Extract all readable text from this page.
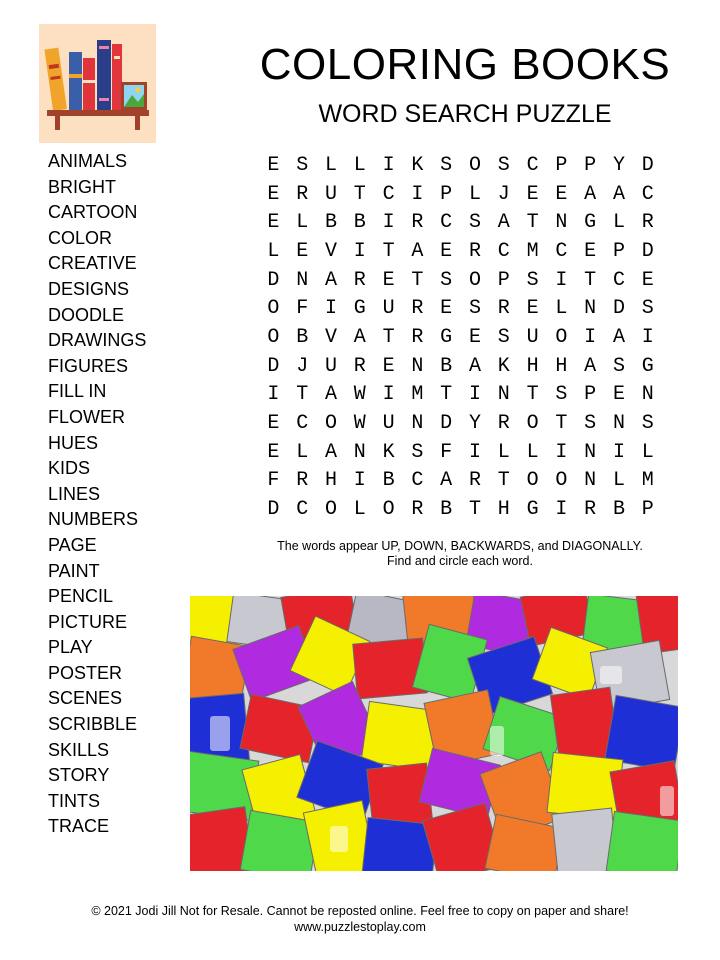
COLORING BOOKS
WORD SEARCH PUZZLE
ANIMALS
BRIGHT
CARTOON
COLOR
CREATIVE
DESIGNS
DOODLE
DRAWINGS
FIGURES
FILL IN
FLOWER
HUES
KIDS
LINES
NUMBERS
PAGE
PAINT
PENCIL
PICTURE
PLAY
POSTER
SCENES
SCRIBBLE
SKILLS
STORY
TINTS
TRACE
E	S	L	L	I	K	S	O	S	C	P	P	Y	D
E	R	U	T	C	I	P	L	J	E	E	A	A	C
E	L	B	B	I	R	C	S	A	T	N	G	L	R
L	E	V	I	T	A	E	R	C	M	C	E	P	D
D	N	A	R	E	T	S	O	P	S	I	T	C	E
O	F	I	G	U	R	E	S	R	E	L	N	D	S
O	B	V	A	T	R	G	E	S	U	O	I	A	I
D	J	U	R	E	N	B	A	K	H	H	A	S	G
I	T	A	W	I	M	T	I	N	T	S	P	E	N
E	C	O	W	U	N	D	Y	R	O	T	S	N	S
E	L	A	N	K	S	F	I	L	L	I	N	I	L
F	R	H	I	B	C	A	R	T	O	O	N	L	M
D	C	O	L	O	R	B	T	H	G	I	R	B	P
The words appear UP, DOWN, BACKWARDS, and DIAGONALLY.
Find and circle each word.
© 2021 Jodi Jill Not for Resale. Cannot be reposted online. Feel free to copy on paper and share!
www.puzzlestoplay.com
